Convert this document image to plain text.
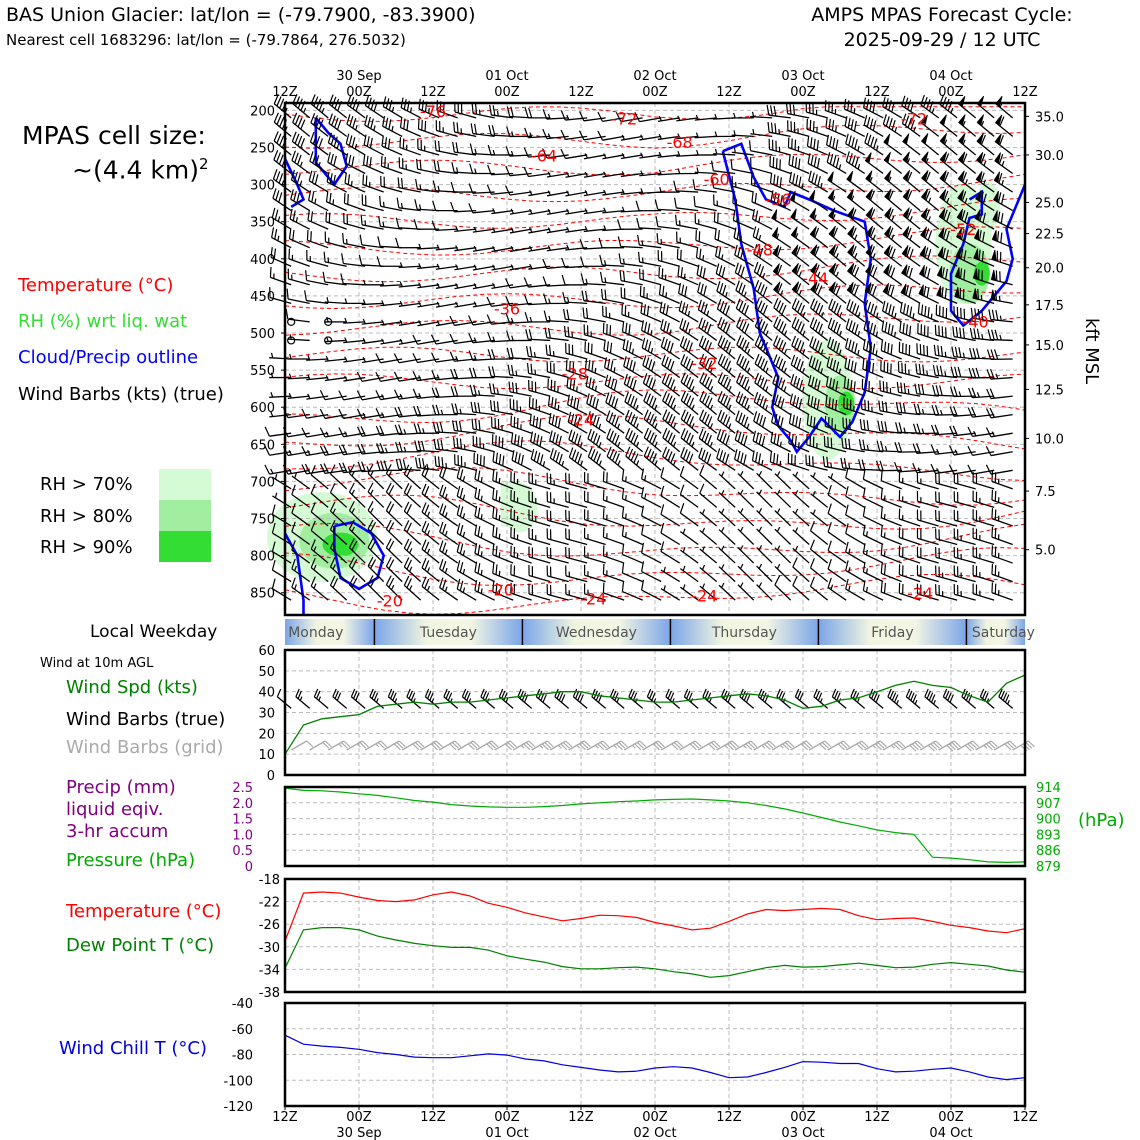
-76	-72	-72
-68
-64
-60
-56
-52
-48
-44
-40
-36
-32
-28
-24
-24	-24	-24
-20
-20
200
250
300
350
400
450
500
550
600
650
700
750
800
850
35.0
30.0
25.0
22.5
20.0
17.5
15.0
12.5
10.0
7.5
5.0
12Z	00Z
30 Sep
12Z	00Z
01 Oct
12Z	00Z
02 Oct
12Z	00Z
03 Oct
12Z	00Z
04 Oct
12Z
Monday	Tuesday	Wednesday	Thursday	Friday	Saturday
0
10
20
30
40
50
60
0
0.5
1.0
1.5
2.0
2.5
879
886
893
900
907
914
-38
-34
-30
-26
-22
-18
-120
-100
-80
-60
-40
12Z	00Z
30 Sep
12Z	00Z
01 Oct
12Z	00Z
02 Oct
12Z	00Z
03 Oct
12Z	00Z
04 Oct
12Z
BAS Union Glacier: lat/lon = (-79.7900, -83.3900)
Nearest cell 1683296: lat/lon = (-79.7864, 276.5032)
AMPS MPAS Forecast Cycle:
2025-09-29 / 12 UTC
MPAS cell size:
~(4.4 km)$^2$
Temperature (°C)
RH (%) wrt liq. wat
Cloud/Precip outline
Wind Barbs (kts) (true)
RH > 70%
RH > 80%
RH > 90%
Local Weekday
Wind at 10m AGL
Wind Spd (kts)
Wind Barbs (true)
Wind Barbs (grid)
Precip (mm)
liquid eqiv.
3-hr accum
Pressure (hPa)
(hPa)
Temperature (°C)
Dew Point T (°C)
Wind Chill T (°C)
kft MSL
